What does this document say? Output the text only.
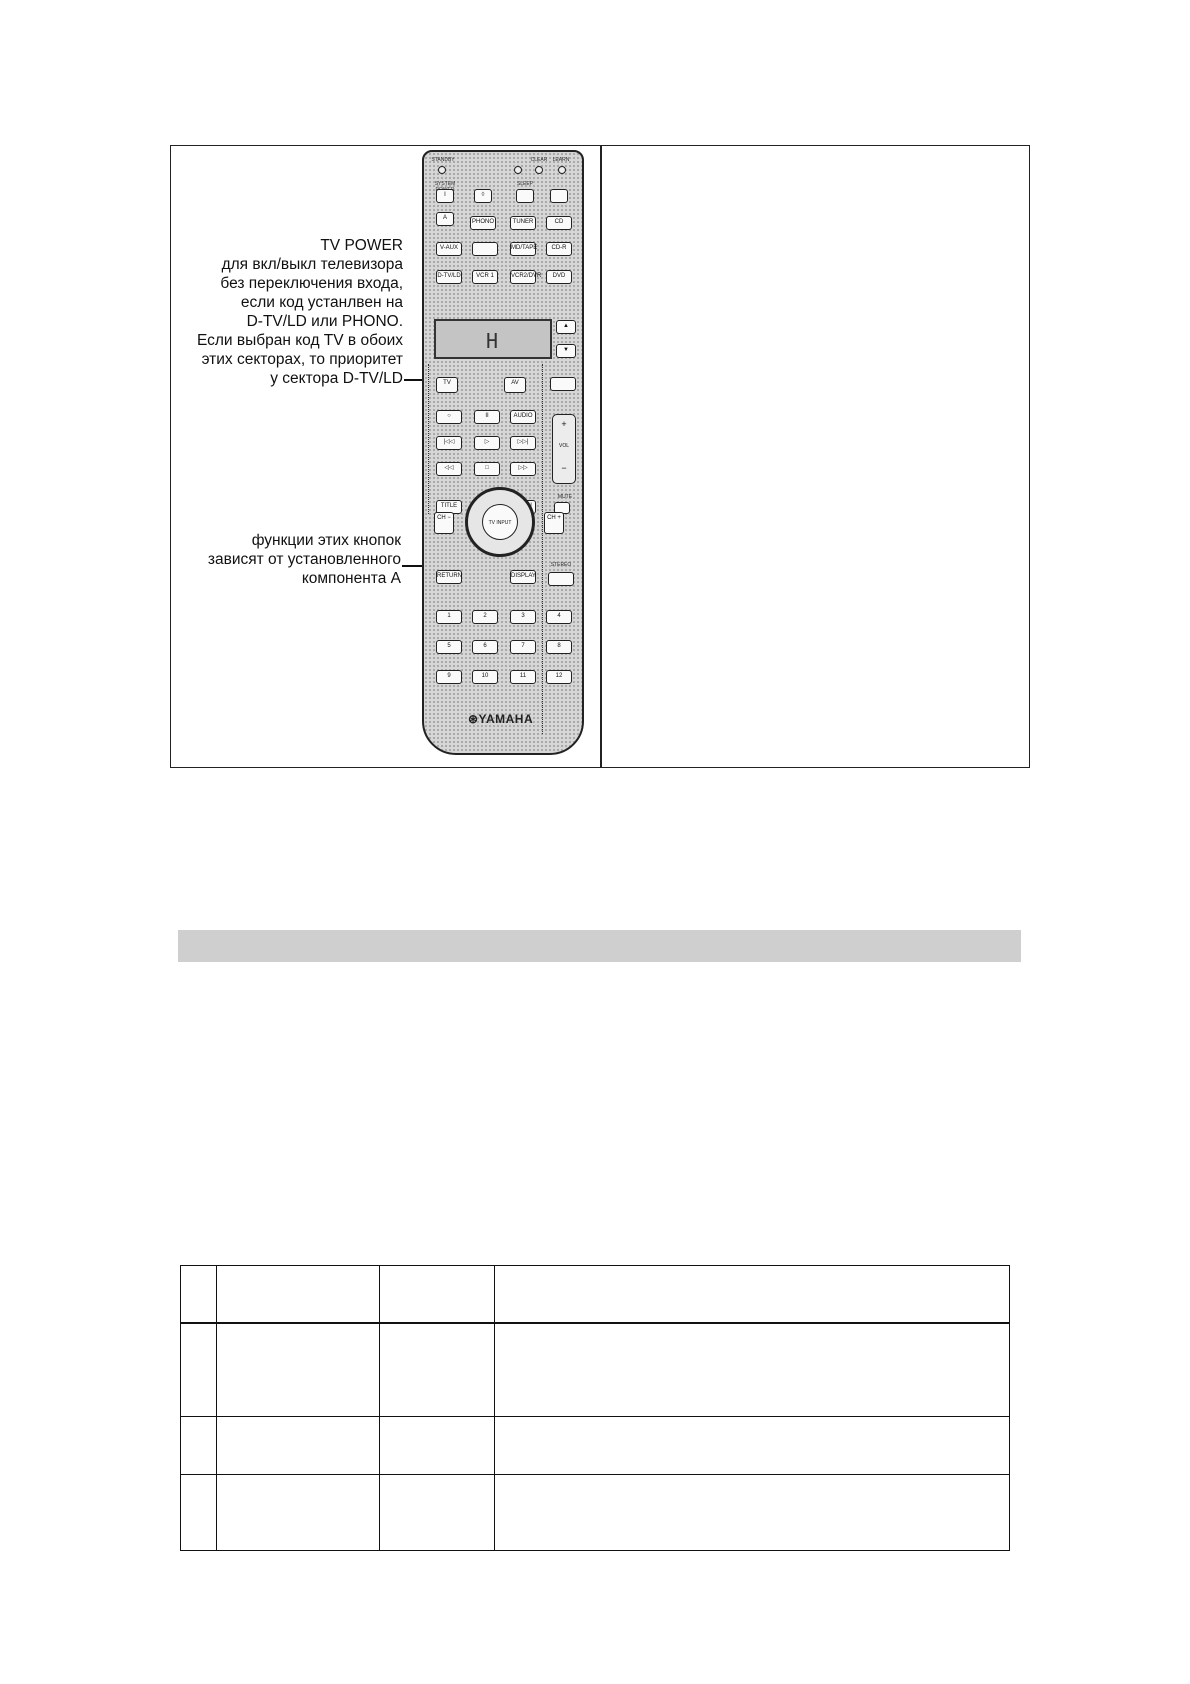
TV POWER
для вкл/выкл телевизора
без переключения входа,
если код устанлвен на
D-TV/LD или PHONO.
Если выбран код TV в обоих
этих секторах, то приоритет
у сектора D-TV/LD
функции этих кнопок
зависят от установленного
компонента А
STANDBY	CLEAR	LEARN
SYSTEM
I	◊
SLEEP
A
PHONO	TUNER	CD
V-AUX	MD/TAPE	CD-R
D-TV/LD	VCR 1	VCR2/DVR	DVD
H
▲
▼
TV	AV
○	II	AUDIO
|◁◁	▷	▷▷|
◁◁	□	▷▷
+
VOL
−
MUTE
TITLE
TV INPUT
CH −	CH +
RETURN	DISPLAY
STEREO
1	2	3	4
5	6	7	8
9	10	11	12
⊛YAMAHA
